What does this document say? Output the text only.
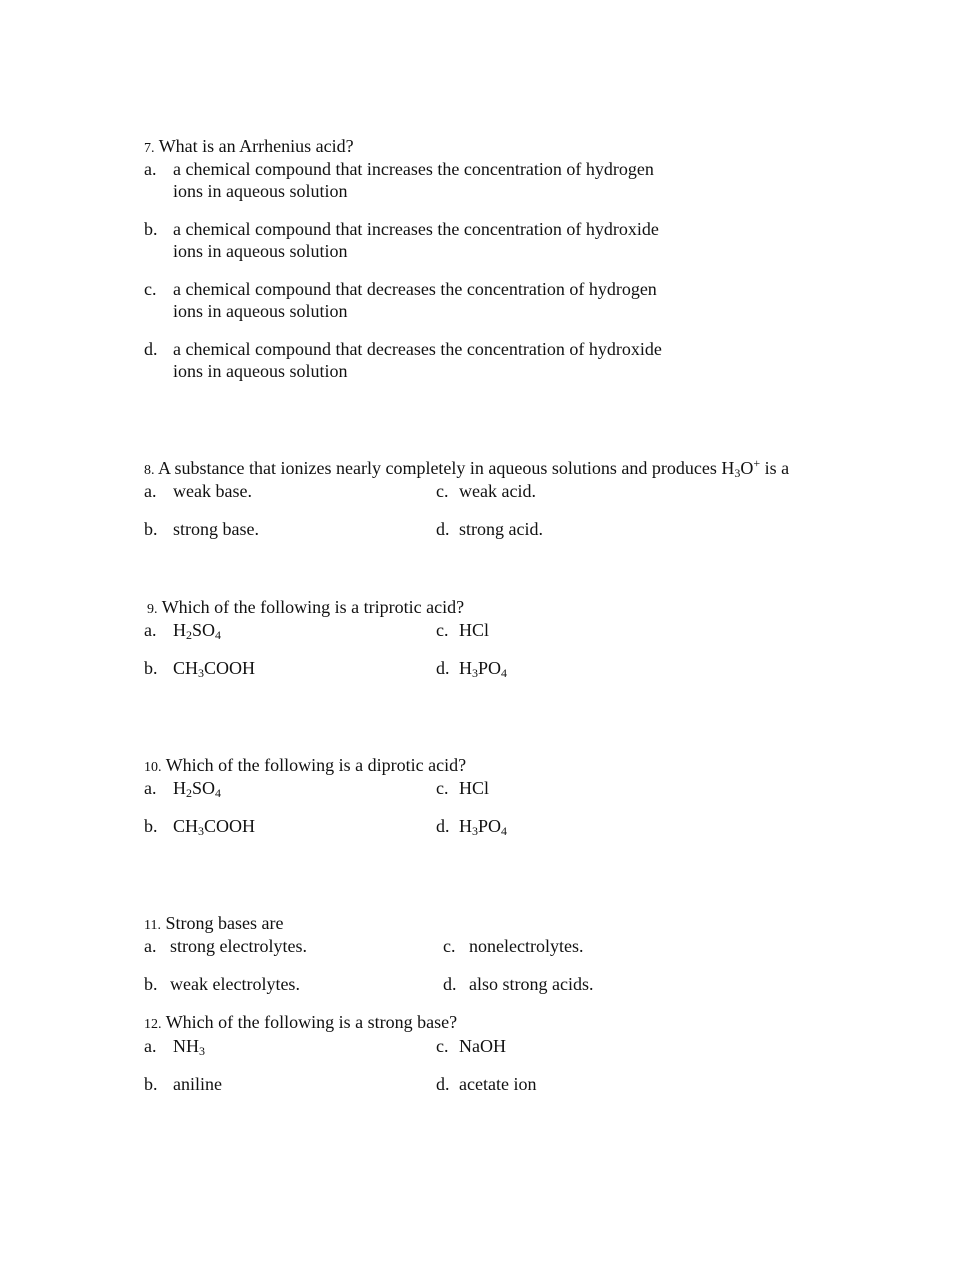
7. What is an Arrhenius acid?
a. a chemical compound that increases the concentration of hydrogen
ions in aqueous solution
b. a chemical compound that increases the concentration of hydroxide
ions in aqueous solution
c. a chemical compound that decreases the concentration of hydrogen
ions in aqueous solution
d. a chemical compound that decreases the concentration of hydroxide
ions in aqueous solution
8. A substance that ionizes nearly completely in aqueous solutions and produces $H_3O^+$ is a
a. weak base.
b. strong base.
c. weak acid.
d. strong acid.
9. Which of the following is a triprotic acid?
a. $H_2SO_4$
b. $CH_3COOH$
c. HCl
d. $H_3PO_4$
10. Which of the following is a diprotic acid?
a. $H_2SO_4$
b. $CH_3COOH$
c. HCl
d. $H_3PO_4$
11. Strong bases are
a. strong electrolytes.
b. weak electrolytes.
c. nonelectrolytes.
d. also strong acids.
12. Which of the following is a strong base?
a. $NH_3$
b. aniline
c. NaOH
d. acetate ion
